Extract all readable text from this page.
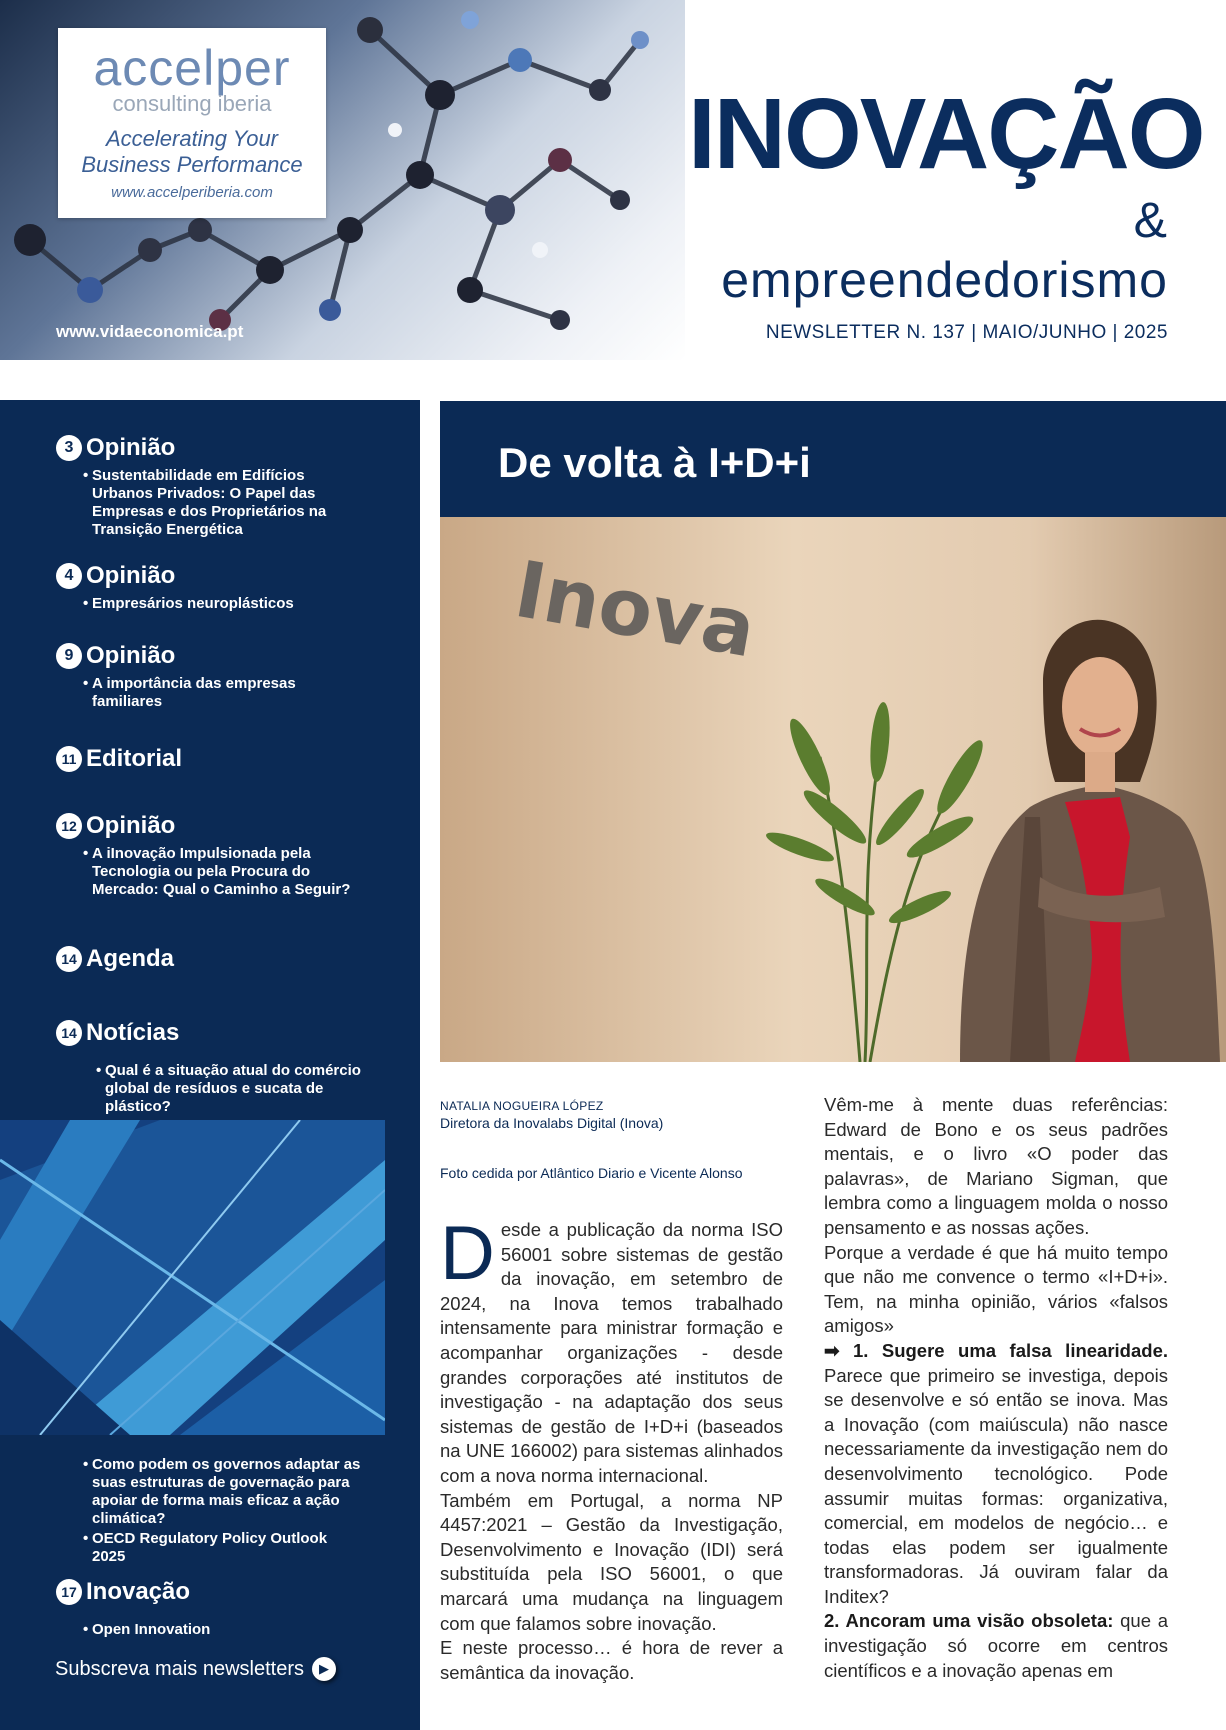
accelper
consulting iberia
Accelerating Your
Business Performance
www.accelperiberia.com
www.vidaeconomica.pt
INOVAÇÃO
& empreendedorismo
NEWSLETTER N. 137 | MAIO/JUNHO | 2025
3 Opinião
• Sustentabilidade em Edifícios Urbanos Privados: O Papel das Empresas e dos Proprietários na Transição Energética
4 Opinião
• Empresários neuroplásticos
9 Opinião
• A importância das empresas familiares
11 Editorial
12 Opinião
• A iInovação Impulsionada pela Tecnologia ou pela Procura do Mercado: Qual o Caminho a Seguir?
14 Agenda
14 Notícias
• Qual é a situação atual do comércio global de resíduos e sucata de plástico?
• Como podem os governos adaptar as suas estruturas de governação para apoiar de forma mais eficaz a ação climática?
• OECD Regulatory Policy Outlook 2025
17 Inovação
• Open Innovation
Subscreva mais newsletters	▶
De volta à I+D+i
Inova
NATALIA NOGUEIRA LÓPEZ
Diretora da Inovalabs Digital (Inova)
Foto cedida por Atlântico Diario e Vicente Alonso

Desde a publicação da norma ISO 56001 sobre sistemas de gestão da inovação, em setembro de 2024, na Inova temos trabalhado intensamente para ministrar formação e acompanhar organizações - desde grandes corporações até institutos de investigação - na adaptação dos seus sistemas de gestão de I+D+i (baseados na UNE 166002) para sistemas alinhados com a nova norma internacional.

Também em Portugal, a norma NP 4457:2021 – Gestão da Investigação, Desenvolvimento e Inovação (IDI) será substituída pela ISO 56001, o que marcará uma mudança na linguagem com que falamos sobre inovação.

E neste processo… é hora de rever a semântica da inovação.

Vêm-me à mente duas referências: Edward de Bono e os seus padrões mentais, e o livro «O poder das palavras», de Mariano Sigman, que lembra como a linguagem molda o nosso pensamento e as nossas ações.

Porque a verdade é que há muito tempo que não me convence o termo «I+D+i». Tem, na minha opinião, vários «falsos amigos»

➡ 1. Sugere uma falsa linearidade. Parece que primeiro se investiga, depois se desenvolve e só então se inova. Mas a Inovação (com maiúscula) não nasce necessariamente da investigação nem do desenvolvimento tecnológico. Pode assumir muitas formas: organizativa, comercial, em modelos de negócio… e todas elas podem ser igualmente transformadoras. Já ouviram falar da Inditex?

2. Ancoram uma visão obsoleta: que a investigação só ocorre em centros científicos e a inovação apenas em
